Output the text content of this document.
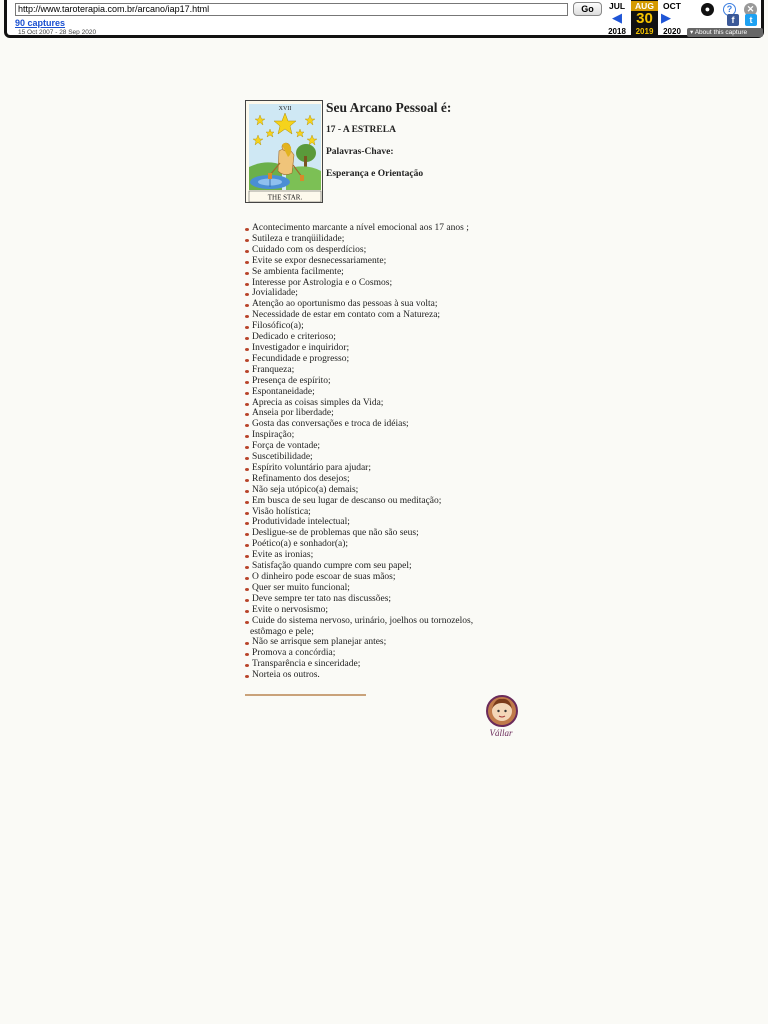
http://www.taroterapia.com.br/arcano/iap17.html	Go
90 captures
15 Oct 2007 - 28 Sep 2020
JUL
◀
2018
AUG
30
2019
OCT
▶
2020
●	?	✕
f	t
▾ About this capture
XVII
THE STAR.
Seu Arcano Pessoal é:
17 - A ESTRELA
Palavras-Chave:
Esperança e Orientação
Acontecimento marcante a nível emocional aos 17 anos ;
Sutileza e tranqüilidade;
Cuidado com os desperdícios;
Evite se expor desnecessariamente;
Se ambienta facilmente;
Interesse por Astrologia e o Cosmos;
Jovialidade;
Atenção ao oportunismo das pessoas à sua volta;
Necessidade de estar em contato com a Natureza;
Filosófico(a);
Dedicado e criterioso;
Investigador e inquiridor;
Fecundidade e progresso;
Franqueza;
Presença de espírito;
Espontaneidade;
Aprecia as coisas simples da Vida;
Anseia por liberdade;
Gosta das conversações e troca de idéias;
Inspiração;
Força de vontade;
Suscetibilidade;
Espírito voluntário para ajudar;
Refinamento dos desejos;
Não seja utópico(a) demais;
Em busca de seu lugar de descanso ou meditação;
Visão holística;
Produtividade intelectual;
Desligue-se de problemas que não são seus;
Poético(a) e sonhador(a);
Evite as ironias;
Satisfação quando cumpre com seu papel;
O dinheiro pode escoar de suas mãos;
Quer ser muito funcional;
Deve sempre ter tato nas discussões;
Evite o nervosismo;
Cuide do sistema nervoso, urinário, joelhos ou tornozelos,
estômago e pele;
Não se arrisque sem planejar antes;
Promova a concórdia;
Transparência e sinceridade;
Norteia os outros.
Vállar
